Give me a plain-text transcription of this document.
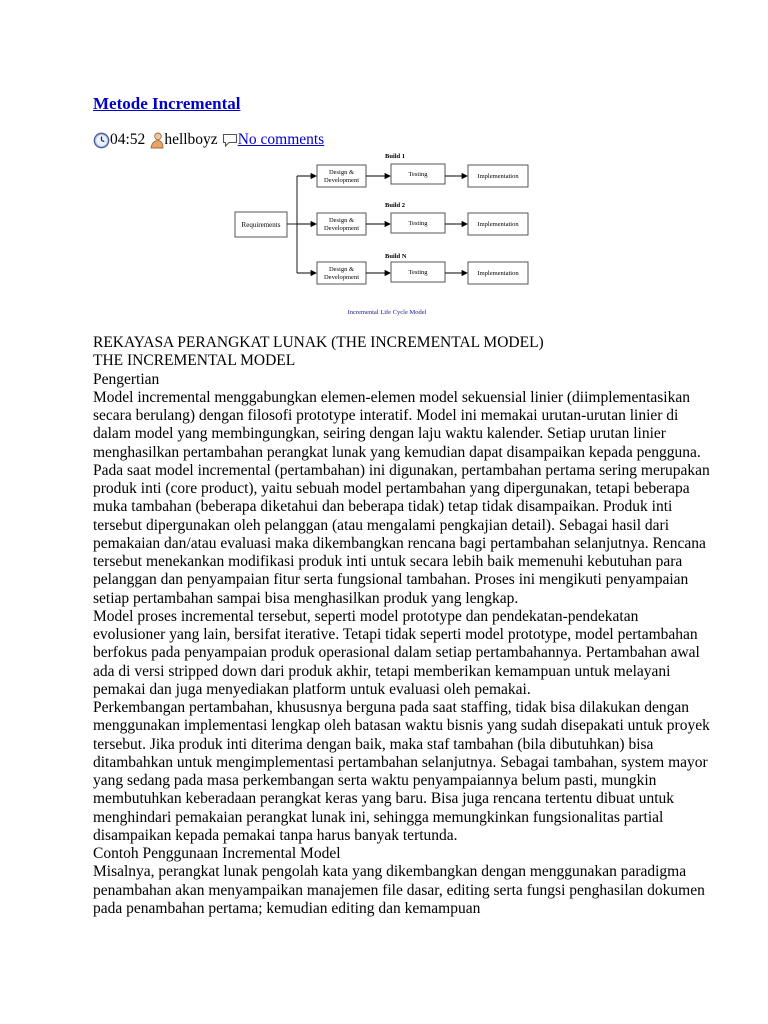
Metode Incremental
04:52 hellboyz No comments
Requirements
Build 1
Build 2
Build N
Design &
Development
Testing	Implementation
Design &
Development
Testing	Implementation
Design &
Development
Testing	Implementation
Incremental Life Cycle Model

REKAYASA PERANGKAT LUNAK (THE INCREMENTAL MODEL)

THE INCREMENTAL MODEL

Pengertian

Model incremental menggabungkan elemen-elemen model sekuensial linier (diimplementasikan secara berulang) dengan filosofi prototype interatif. Model ini memakai urutan-urutan linier di dalam model yang membingungkan, seiring dengan laju waktu kalender. Setiap urutan linier menghasilkan pertambahan perangkat lunak yang kemudian dapat disampaikan kepada pengguna.

Pada saat model incremental (pertambahan) ini digunakan, pertambahan pertama sering merupakan produk inti (core product), yaitu sebuah model pertambahan yang dipergunakan, tetapi beberapa muka tambahan (beberapa diketahui dan beberapa tidak) tetap tidak disampaikan. Produk inti tersebut dipergunakan oleh pelanggan (atau mengalami pengkajian detail). Sebagai hasil dari pemakaian dan/atau evaluasi maka dikembangkan rencana bagi pertambahan selanjutnya. Rencana tersebut menekankan modifikasi produk inti untuk secara lebih baik memenuhi kebutuhan para pelanggan dan penyampaian fitur serta fungsional tambahan. Proses ini mengikuti penyampaian setiap pertambahan sampai bisa menghasilkan produk yang lengkap.

Model proses incremental tersebut, seperti model prototype dan pendekatan-pendekatan evolusioner yang lain, bersifat iterative. Tetapi tidak seperti model prototype, model pertambahan berfokus pada penyampaian produk operasional dalam setiap pertambahannya. Pertambahan awal ada di versi stripped down dari produk akhir, tetapi memberikan kemampuan untuk melayani pemakai dan juga menyediakan platform untuk evaluasi oleh pemakai.

Perkembangan pertambahan, khususnya berguna pada saat staffing, tidak bisa dilakukan dengan menggunakan implementasi lengkap oleh batasan waktu bisnis yang sudah disepakati untuk proyek tersebut. Jika produk inti diterima dengan baik, maka staf tambahan (bila dibutuhkan) bisa ditambahkan untuk mengimplementasi pertambahan selanjutnya. Sebagai tambahan, system mayor yang sedang pada masa perkembangan serta waktu penyampaiannya belum pasti, mungkin membutuhkan keberadaan perangkat keras yang baru. Bisa juga rencana tertentu dibuat untuk menghindari pemakaian perangkat lunak ini, sehingga memungkinkan fungsionalitas partial disampaikan kepada pemakai tanpa harus banyak tertunda.

Contoh Penggunaan Incremental Model

Misalnya, perangkat lunak pengolah kata yang dikembangkan dengan menggunakan paradigma penambahan akan menyampaikan manajemen file dasar, editing serta fungsi penghasilan dokumen pada penambahan pertama; kemudian editing dan kemampuan
